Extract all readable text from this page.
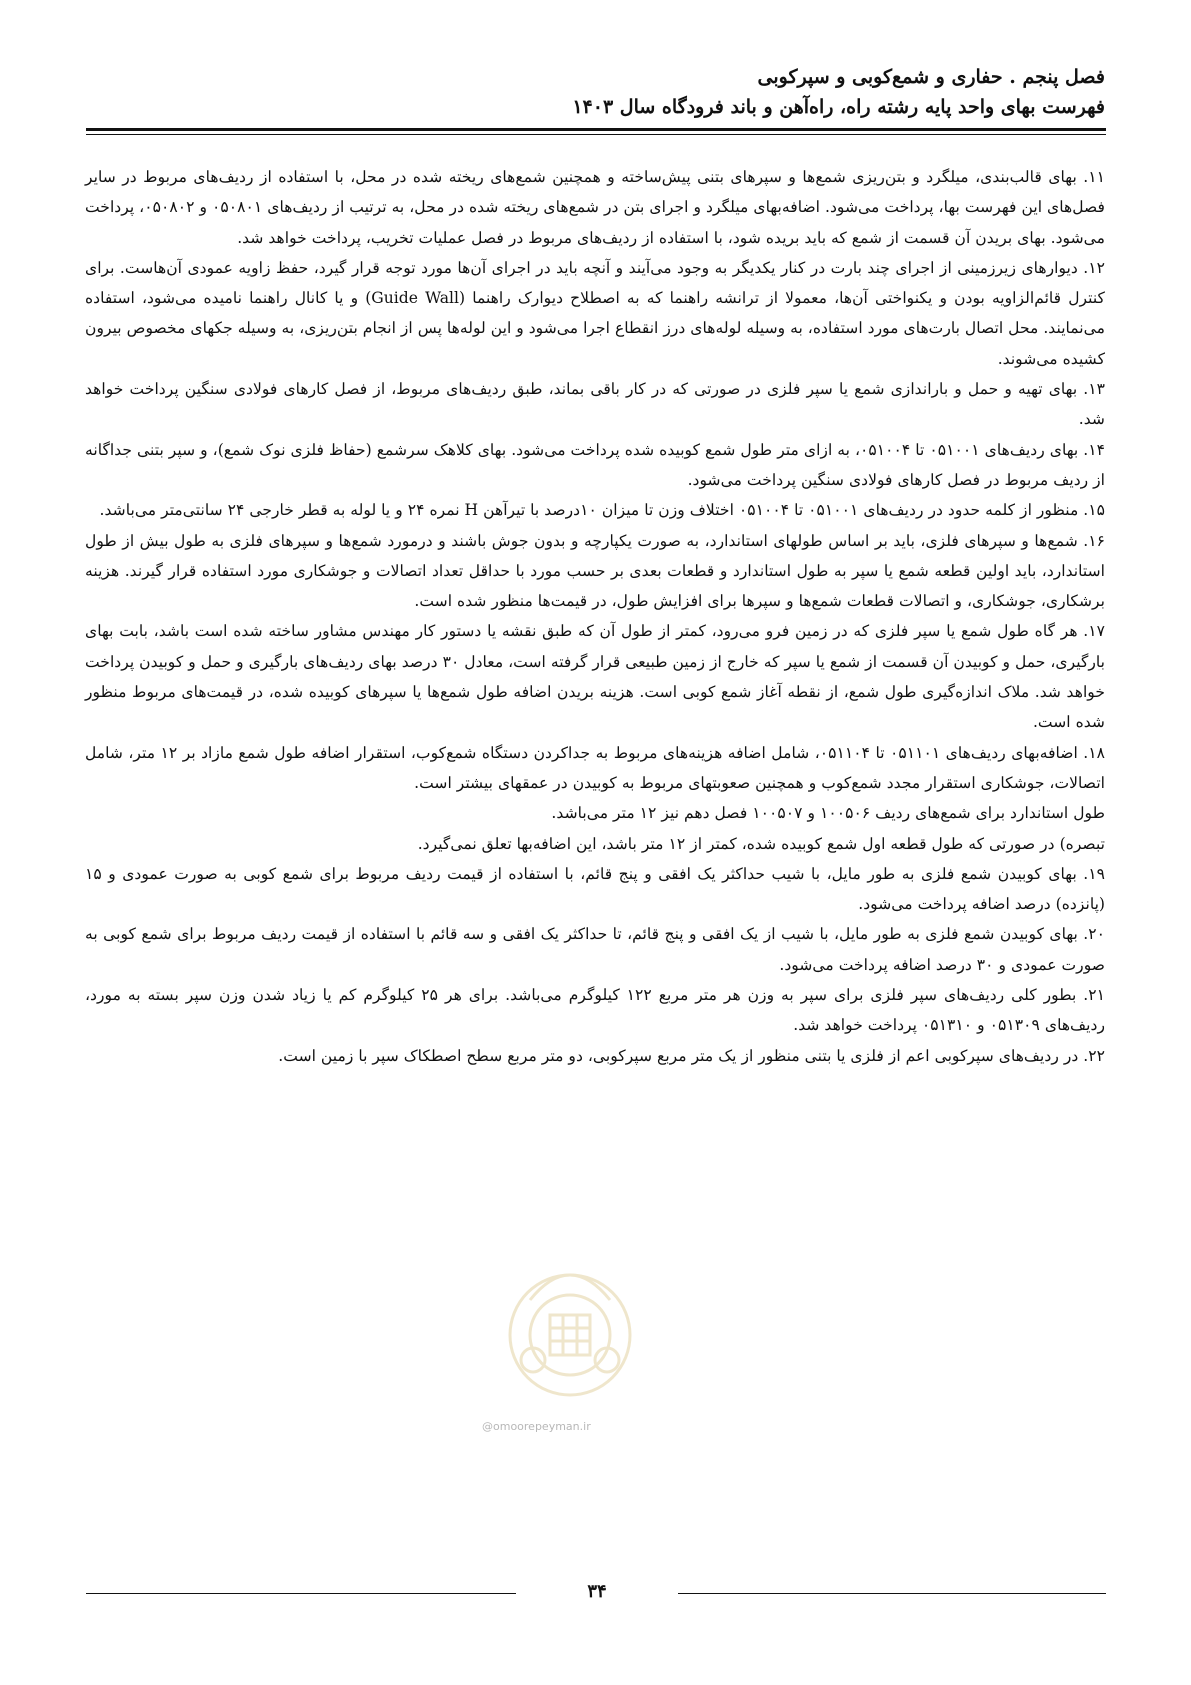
فصل پنجم . حفاری و شمع‌کوبی و سپرکوبی
فهرست بهای واحد پایه رشته راه، راه‌آهن و باند فرودگاه سال ۱۴۰۳

۱۱. بهای قالب‌بندی، میلگرد و بتن‌ریزی شمع‌ها و سپرهای بتنی پیش‌ساخته و همچنین شمع‌های ریخته شده در محل، با استفاده از ردیف‌های مربوط در سایر فصل‌های این فهرست بها، پرداخت می‌شود. اضافه‌بهای میلگرد و اجرای بتن در شمع‌های ریخته شده در محل، به ترتیب از ردیف‌های ۰۵۰۸۰۱ و ۰۵۰۸۰۲، پرداخت می‌شود. بهای بریدن آن قسمت از شمع که باید بریده شود، با استفاده از ردیف‌های مربوط در فصل عملیات تخریب، پرداخت خواهد شد.

۱۲. دیوارهای زیرزمینی از اجرای چند بارت در کنار یکدیگر به وجود می‌آیند و آنچه باید در اجرای آن‌ها مورد توجه قرار گیرد، حفظ زاویه عمودی آن‌هاست. برای کنترل قائم‌الزاویه بودن و یکنواختی آن‌ها، معمولا از ترانشه راهنما که به اصطلاح دیوارک راهنما (Guide Wall) و یا کانال راهنما نامیده می‌شود، استفاده می‌نمایند. محل اتصال بارت‌های مورد استفاده، به وسیله لوله‌های درز انقطاع اجرا می‌شود و این لوله‌ها پس از انجام بتن‌ریزی، به وسیله جکهای مخصوص بیرون کشیده می‌شوند.

۱۳. بهای تهیه و حمل و باراندازی شمع یا سپر فلزی در صورتی که در کار باقی بماند، طبق ردیف‌های مربوط، از فصل کارهای فولادی سنگین پرداخت خواهد شد.

۱۴. بهای ردیف‌های ۰۵۱۰۰۱ تا ۰۵۱۰۰۴، به ازای متر طول شمع کوبیده شده پرداخت می‌شود. بهای کلاهک سرشمع (حفاظ فلزی نوک شمع)، و سپر بتنی جداگانه از ردیف مربوط در فصل کارهای فولادی سنگین پرداخت می‌شود.

۱۵. منظور از کلمه حدود در ردیف‌های ۰۵۱۰۰۱ تا ۰۵۱۰۰۴ اختلاف وزن تا میزان ۱۰درصد با تیرآهن H نمره ۲۴ و یا لوله به قطر خارجی ۲۴ سانتی‌متر می‌باشد.

۱۶. شمع‌ها و سپرهای فلزی، باید بر اساس طولهای استاندارد، به صورت یکپارچه و بدون جوش باشند و درمورد شمع‌ها و سپرهای فلزی به طول بیش از طول استاندارد، باید اولین قطعه شمع یا سپر به طول استاندارد و قطعات بعدی بر حسب مورد با حداقل تعداد اتصالات و جوشکاری مورد استفاده قرار گیرند. هزینه برشکاری، جوشکاری، و اتصالات قطعات شمع‌ها و سپرها برای افزایش طول، در قیمت‌ها منظور شده است.

۱۷. هر گاه طول شمع یا سپر فلزی که در زمین فرو می‌رود، کمتر از طول آن که طبق نقشه یا دستور کار مهندس مشاور ساخته شده است باشد، بابت بهای بارگیری، حمل و کوبیدن آن قسمت از شمع یا سپر که خارج از زمین طبیعی قرار گرفته است، معادل ۳۰ درصد بهای ردیف‌های بارگیری و حمل و کوبیدن پرداخت خواهد شد. ملاک اندازه‌گیری طول شمع، از نقطه آغاز شمع کوبی است. هزینه بریدن اضافه طول شمع‌ها یا سپرهای کوبیده شده، در قیمت‌های مربوط منظور شده است.

۱۸. اضافه‌بهای ردیف‌های ۰۵۱۱۰۱ تا ۰۵۱۱۰۴، شامل اضافه هزینه‌های مربوط به جداکردن دستگاه شمع‌کوب، استقرار اضافه طول شمع مازاد بر ۱۲ متر، شامل اتصالات، جوشکاری استقرار مجدد شمع‌کوب و همچنین صعوبتهای مربوط به کوبیدن در عمقهای بیشتر است.

طول استاندارد برای شمع‌های ردیف ۱۰۰۵۰۶ و ۱۰۰۵۰۷ فصل دهم نیز ۱۲ متر می‌باشد.

تبصره) در صورتی که طول قطعه اول شمع کوبیده شده، کمتر از ۱۲ متر باشد، این اضافه‌بها تعلق نمی‌گیرد.

۱۹. بهای کوبیدن شمع فلزی به طور مایل، با شیب حداکثر یک افقی و پنج قائم، با استفاده از قیمت ردیف مربوط برای شمع کوبی به صورت عمودی و ۱۵ (پانزده) درصد اضافه پرداخت می‌شود.

۲۰. بهای کوبیدن شمع فلزی به طور مایل، با شیب از یک افقی و پنج قائم، تا حداکثر یک افقی و سه قائم با استفاده از قیمت ردیف مربوط برای شمع کوبی به صورت عمودی و ۳۰ درصد اضافه پرداخت می‌شود.

۲۱. بطور کلی ردیف‌های سپر فلزی برای سپر به وزن هر متر مربع ۱۲۲ کیلوگرم می‌باشد. برای هر ۲۵ کیلوگرم کم یا زیاد شدن وزن سپر بسته به مورد، ردیف‌های ۰۵۱۳۰۹ و ۰۵۱۳۱۰ پرداخت خواهد شد.

۲۲. در ردیف‌های سپرکوبی اعم از فلزی یا بتنی منظور از یک متر مربع سپرکوبی، دو متر مربع سطح اصطکاک سپر با زمین است.

@omoorepeyman.ir
۳۴
